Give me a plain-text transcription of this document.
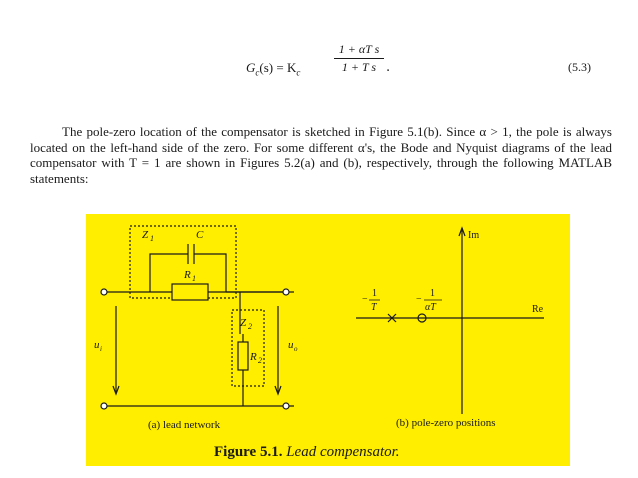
$G_c(s) = K_c$	$\frac{\text{1 + αT s}}{\text{1 + T s}}$ .	(5.3)
The pole-zero location of the compensator is sketched in Figure 5.1(b). Since α > 1, the pole is always located on the left-hand side of the zero. For some different α's, the Bode and Nyquist diagrams of the lead compensator with T = 1 are shown in Figures 5.2(a) and (b), respectively, through the following MATLAB statements:
Z 1	C
R 1
Z 2
R 2
u i	u o
(a) lead network
Im
Re
−
1
T
−
1
αT
(b) pole-zero positions
Figure 5.1. Lead compensator.
